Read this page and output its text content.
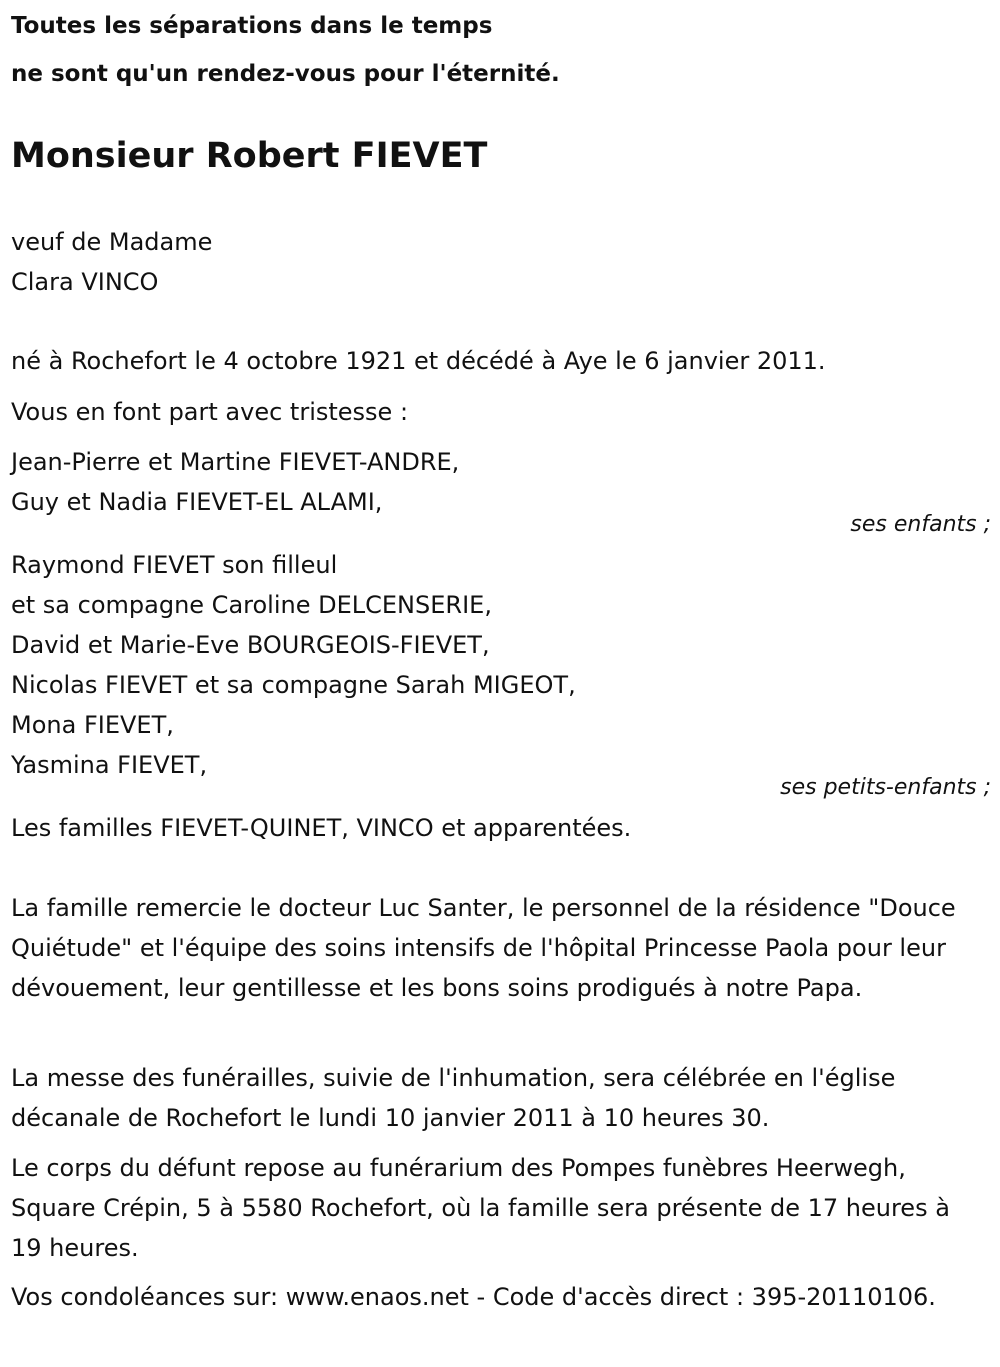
Toutes les séparations dans le temps
ne sont qu'un rendez-vous pour l'éternité.
Monsieur Robert FIEVET
veuf de Madame
Clara VINCO
né à Rochefort le 4 octobre 1921 et décédé à Aye le 6 janvier 2011.
Vous en font part avec tristesse :
Jean-Pierre et Martine FIEVET-ANDRE,
Guy et Nadia FIEVET-EL ALAMI,
ses enfants ;
Raymond FIEVET son filleul
et sa compagne Caroline DELCENSERIE,
David et Marie-Eve BOURGEOIS-FIEVET,
Nicolas FIEVET et sa compagne Sarah MIGEOT,
Mona FIEVET,
Yasmina FIEVET,
ses petits-enfants ;
Les familles FIEVET-QUINET, VINCO et apparentées.
La famille remercie le docteur Luc Santer, le personnel de la résidence "Douce Quiétude" et l'équipe des soins intensifs de l'hôpital Princesse Paola pour leur dévouement, leur gentillesse et les bons soins prodigués à notre Papa.
La messe des funérailles, suivie de l'inhumation, sera célébrée en l'église décanale de Rochefort le lundi 10 janvier 2011 à 10 heures 30.
Le corps du défunt repose au funérarium des Pompes funèbres Heerwegh, Square Crépin, 5 à 5580 Rochefort, où la famille sera présente de 17 heures à 19 heures.
Vos condoléances sur: www.enaos.net - Code d'accès direct : 395-20110106.
